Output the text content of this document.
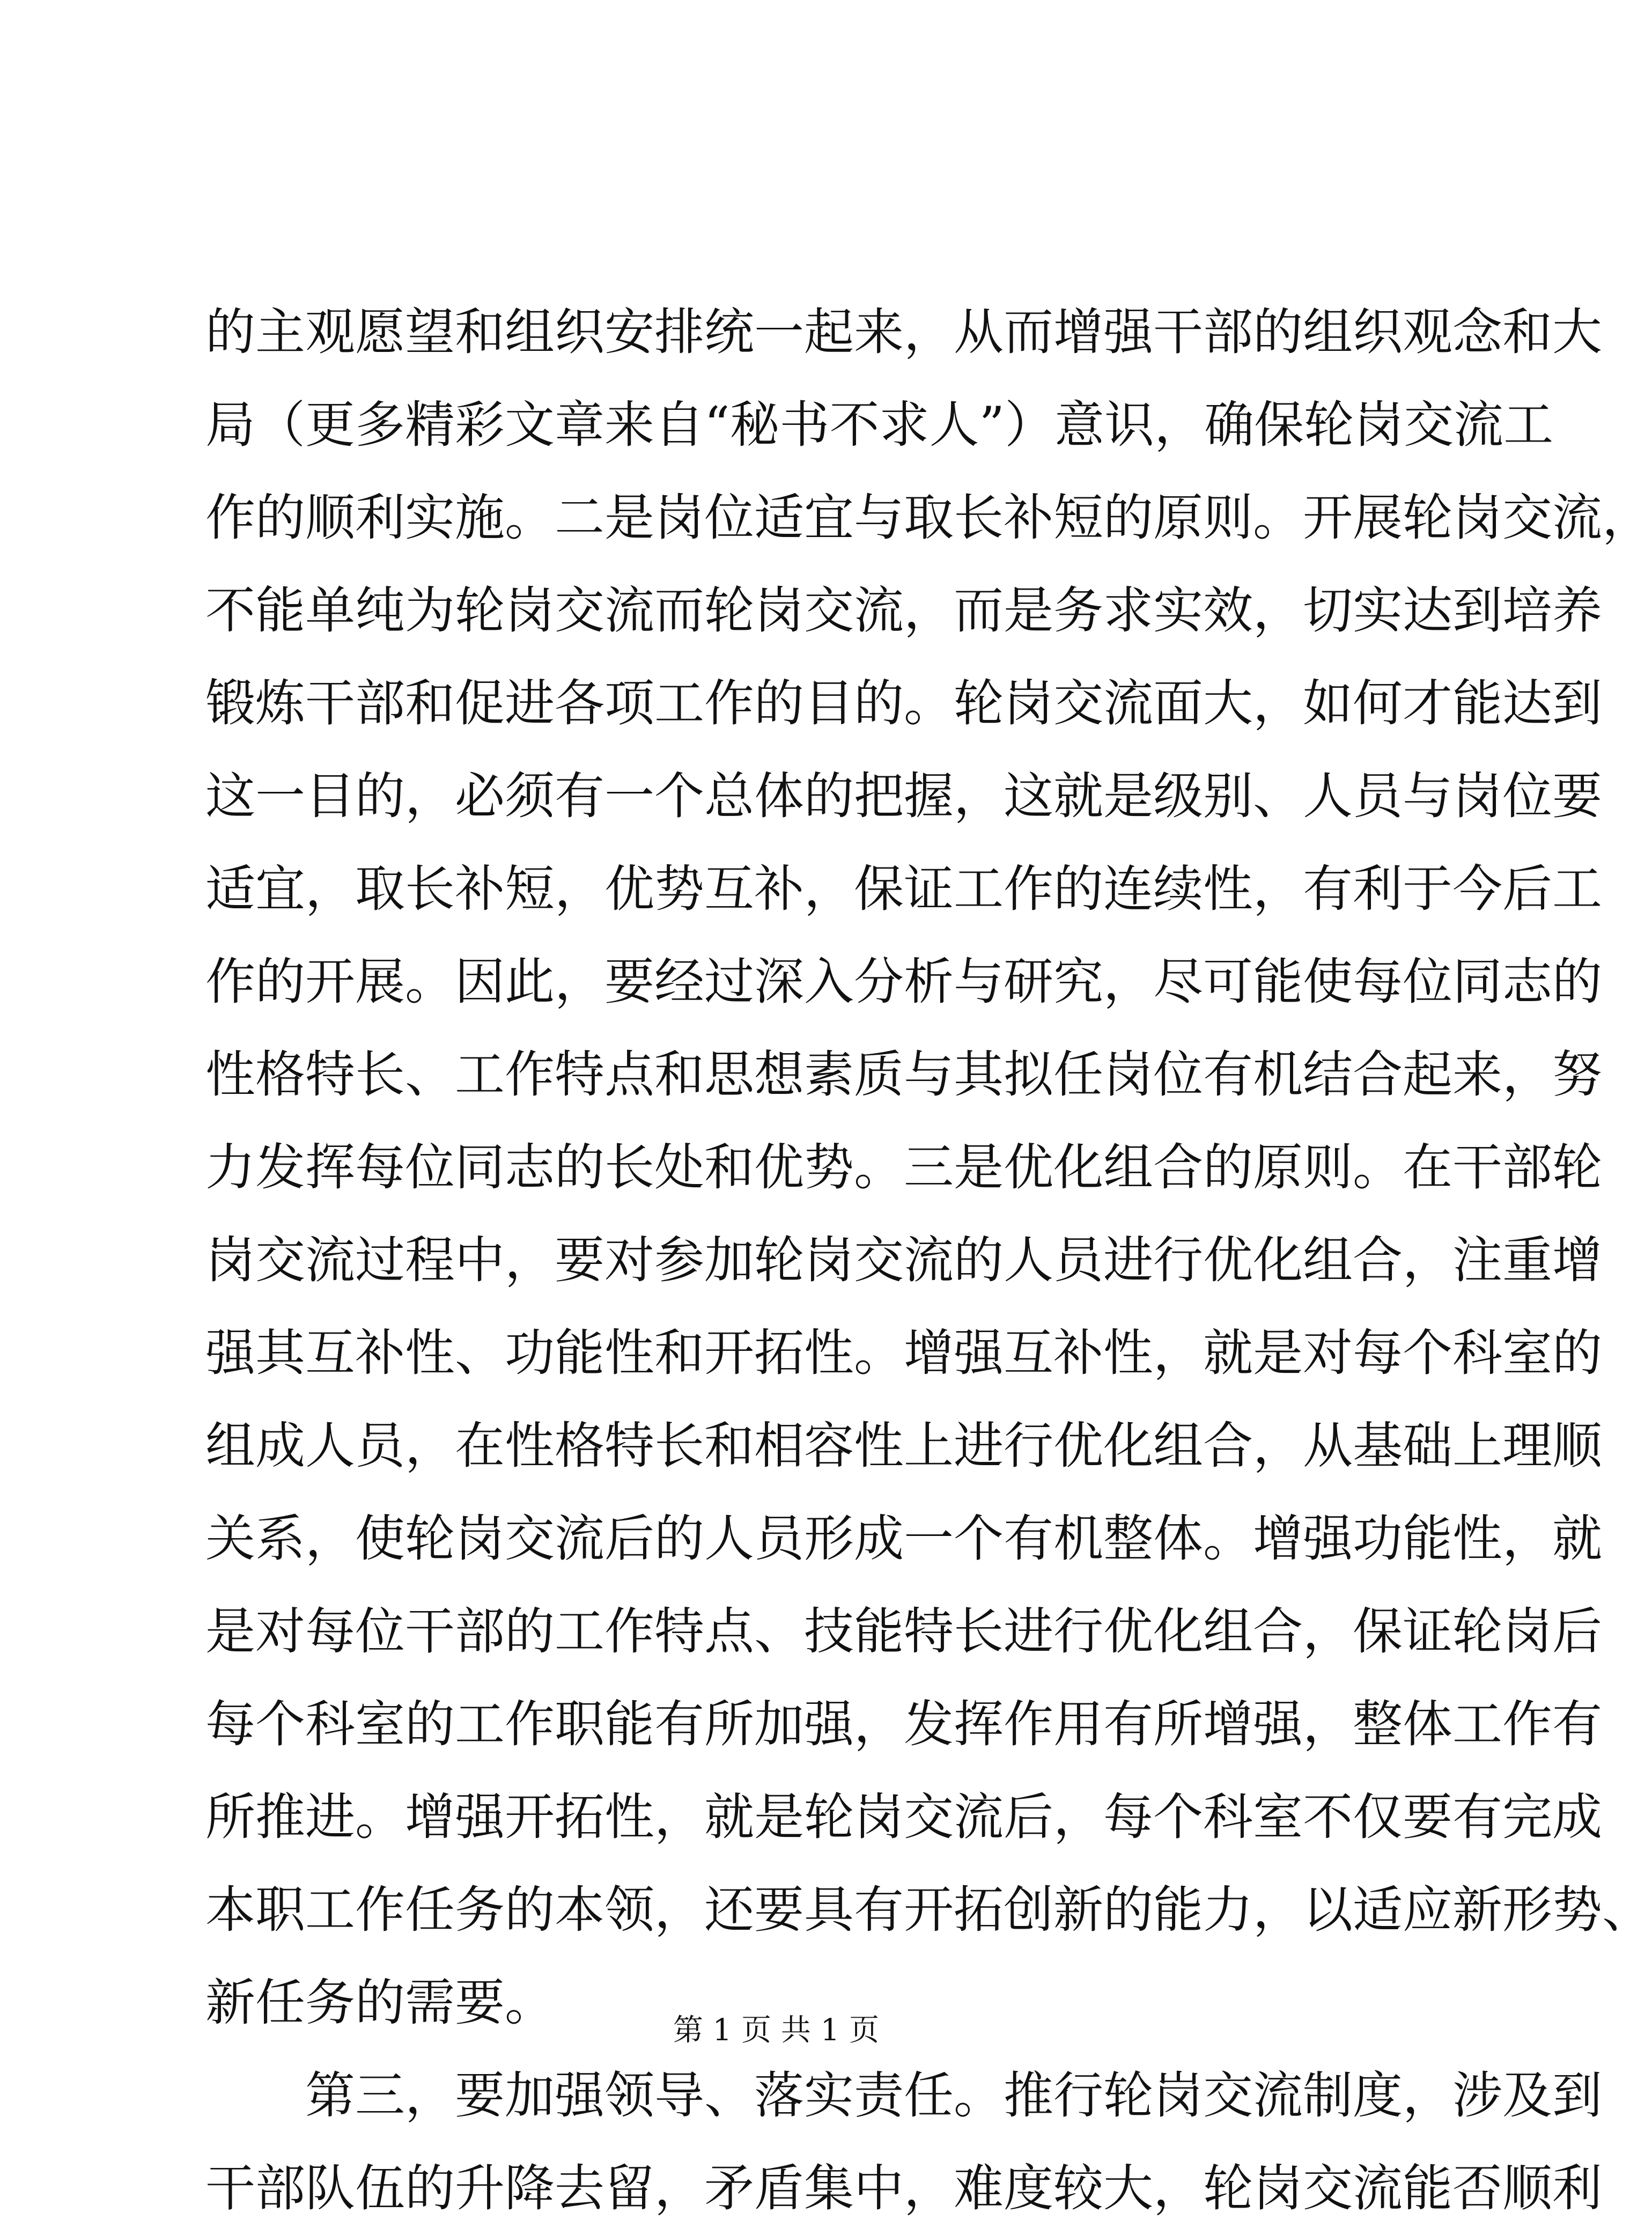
的主观愿望和组织安排统一起来，从而增强干部的组织观念和大
局（更多精彩文章来自“秘书不求人”）意识，确保轮岗交流工
作的顺利实施。二是岗位适宜与取长补短的原则。开展轮岗交流，
不能单纯为轮岗交流而轮岗交流，而是务求实效，切实达到培养
锻炼干部和促进各项工作的目的。轮岗交流面大，如何才能达到
这一目的，必须有一个总体的把握，这就是级别、人员与岗位要
适宜，取长补短，优势互补，保证工作的连续性，有利于今后工
作的开展。因此，要经过深入分析与研究，尽可能使每位同志的
性格特长、工作特点和思想素质与其拟任岗位有机结合起来，努
力发挥每位同志的长处和优势。三是优化组合的原则。在干部轮
岗交流过程中，要对参加轮岗交流的人员进行优化组合，注重增
强其互补性、功能性和开拓性。增强互补性，就是对每个科室的
组成人员，在性格特长和相容性上进行优化组合，从基础上理顺
关系，使轮岗交流后的人员形成一个有机整体。增强功能性，就
是对每位干部的工作特点、技能特长进行优化组合，保证轮岗后
每个科室的工作职能有所加强，发挥作用有所增强，整体工作有
所推进。增强开拓性，就是轮岗交流后，每个科室不仅要有完成
本职工作任务的本领，还要具有开拓创新的能力，以适应新形势、
新任务的需要。
第三，要加强领导、落实责任。推行轮岗交流制度，涉及到
干部队伍的升降去留，矛盾集中，难度较大，轮岗交流能否顺利
第 1 页 共 1 页
